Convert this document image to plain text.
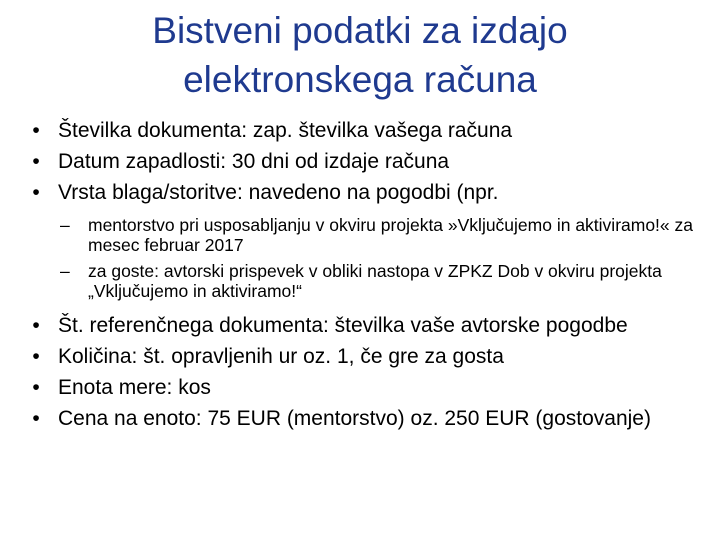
Bistveni podatki za izdajo
elektronskega računa
• Številka dokumenta: zap. številka vašega računa
• Datum zapadlosti: 30 dni od izdaje računa
• Vrsta blaga/storitve: navedeno na pogodbi (npr.
– mentorstvo pri usposabljanju v okviru projekta »Vključujemo in aktiviramo!« za mesec februar 2017
– za goste: avtorski prispevek v obliki nastopa v ZPKZ Dob v okviru projekta „Vključujemo in aktiviramo!“
• Št. referenčnega dokumenta: številka vaše avtorske pogodbe
• Količina: št. opravljenih ur oz. 1, če gre za gosta
• Enota mere: kos
• Cena na enoto: 75 EUR (mentorstvo) oz. 250 EUR (gostovanje)
